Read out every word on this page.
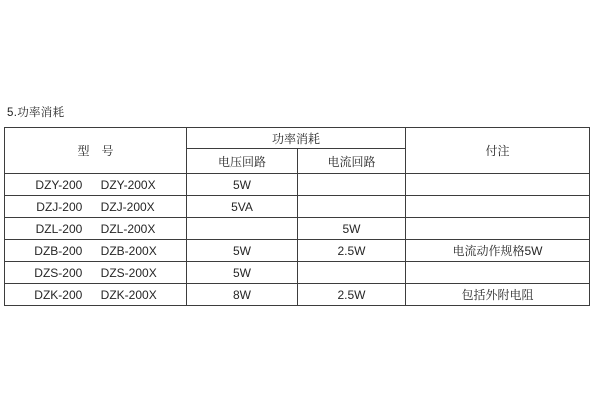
5.功率消耗
型　号	功率消耗		付注
	电压回路	电流回路	
DZY-200 DZY-200X	5W		
DZJ-200 DZJ-200X	5VA		
DZL-200 DZL-200X		5W	
DZB-200 DZB-200X	5W	2.5W	电流动作规格5W
DZS-200 DZS-200X	5W		
DZK-200 DZK-200X	8W	2.5W	包括外附电阻
